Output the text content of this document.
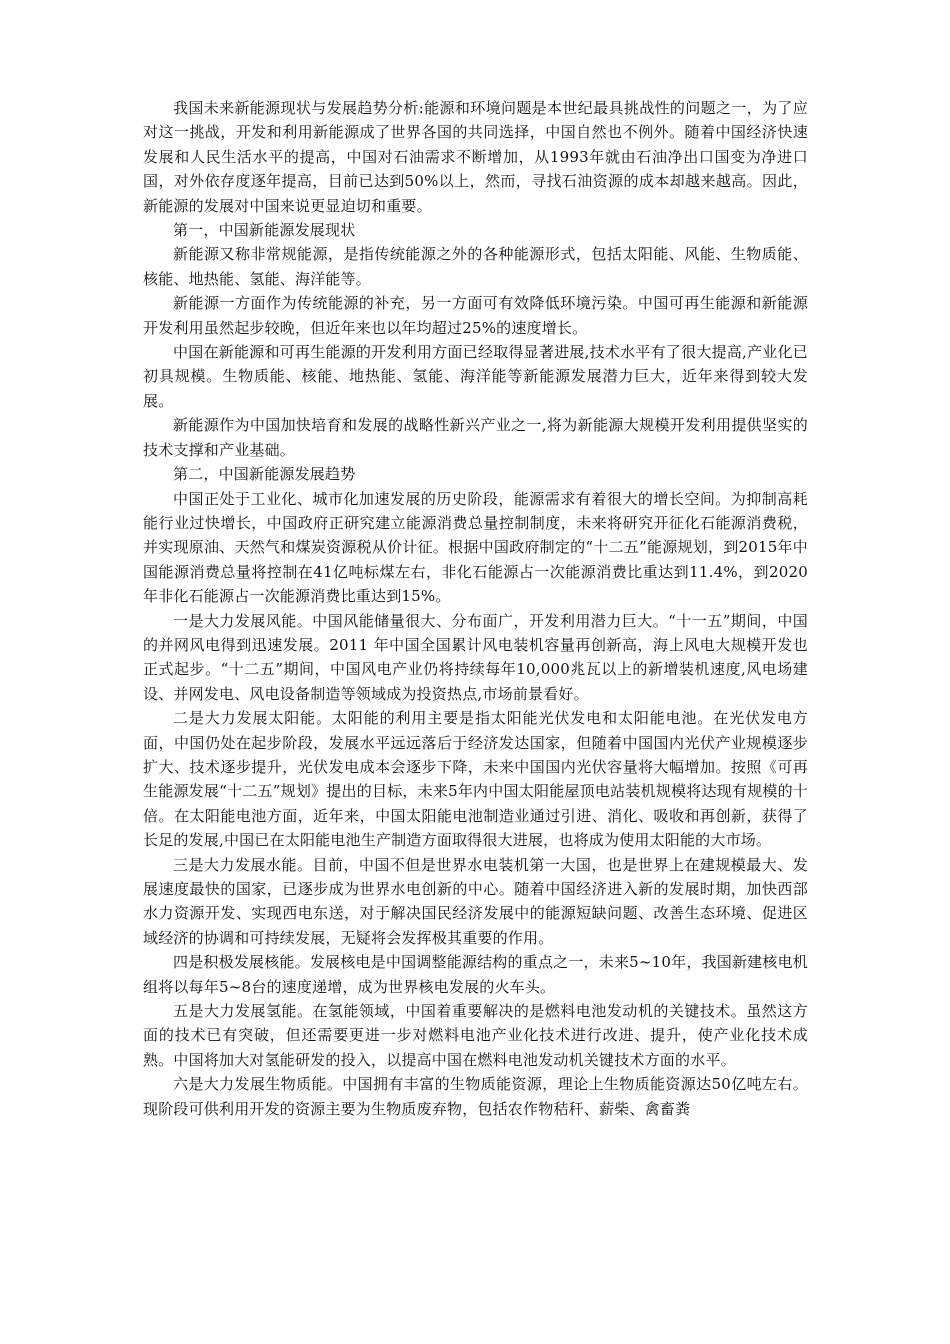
我国未来新能源现状与发展趋势分析:能源和环境问题是本世纪最具挑战性的问题之一，为了应对这一挑战，开发和利用新能源成了世界各国的共同选择，中国自然也不例外。随着中国经济快速发展和人民生活水平的提高，中国对石油需求不断增加，从1993年就由石油净出口国变为净进口国，对外依存度逐年提高，目前已达到50%以上，然而，寻找石油资源的成本却越来越高。因此，新能源的发展对中国来说更显迫切和重要。

第一，中国新能源发展现状

新能源又称非常规能源，是指传统能源之外的各种能源形式，包括太阳能、风能、生物质能、核能、地热能、氢能、海洋能等。

新能源一方面作为传统能源的补充，另一方面可有效降低环境污染。中国可再生能源和新能源开发利用虽然起步较晚，但近年来也以年均超过25%的速度增长。

中国在新能源和可再生能源的开发利用方面已经取得显著进展,技术水平有了很大提高,产业化已初具规模。生物质能、核能、地热能、氢能、海洋能等新能源发展潜力巨大，近年来得到较大发展。

新能源作为中国加快培育和发展的战略性新兴产业之一,将为新能源大规模开发利用提供坚实的技术支撑和产业基础。

第二，中国新能源发展趋势

中国正处于工业化、城市化加速发展的历史阶段，能源需求有着很大的增长空间。为抑制高耗能行业过快增长，中国政府正研究建立能源消费总量控制制度，未来将研究开征化石能源消费税，并实现原油、天然气和煤炭资源税从价计征。根据中国政府制定的“十二五”能源规划，到2015年中国能源消费总量将控制在41亿吨标煤左右，非化石能源占一次能源消费比重达到11.4%，到2020年非化石能源占一次能源消费比重达到15%。

一是大力发展风能。中国风能储量很大、分布面广，开发利用潜力巨大。“十一五”期间，中国的并网风电得到迅速发展。2011 年中国全国累计风电装机容量再创新高，海上风电大规模开发也正式起步。“十二五”期间，中国风电产业仍将持续每年10,000兆瓦以上的新增装机速度,风电场建设、并网发电、风电设备制造等领域成为投资热点,市场前景看好。

二是大力发展太阳能。太阳能的利用主要是指太阳能光伏发电和太阳能电池。在光伏发电方面，中国仍处在起步阶段，发展水平远远落后于经济发达国家，但随着中国国内光伏产业规模逐步扩大、技术逐步提升，光伏发电成本会逐步下降，未来中国国内光伏容量将大幅增加。按照《可再生能源发展“十二五”规划》提出的目标，未来5年内中国太阳能屋顶电站装机规模将达现有规模的十倍。在太阳能电池方面，近年来，中国太阳能电池制造业通过引进、消化、吸收和再创新，获得了长足的发展,中国已在太阳能电池生产制造方面取得很大进展，也将成为使用太阳能的大市场。

三是大力发展水能。目前，中国不但是世界水电装机第一大国，也是世界上在建规模最大、发展速度最快的国家，已逐步成为世界水电创新的中心。随着中国经济进入新的发展时期，加快西部水力资源开发、实现西电东送，对于解决国民经济发展中的能源短缺问题、改善生态环境、促进区域经济的协调和可持续发展，无疑将会发挥极其重要的作用。

四是积极发展核能。发展核电是中国调整能源结构的重点之一，未来5~10年，我国新建核电机组将以每年5~8台的速度递增，成为世界核电发展的火车头。

五是大力发展氢能。在氢能领域，中国着重要解决的是燃料电池发动机的关键技术。虽然这方面的技术已有突破，但还需要更进一步对燃料电池产业化技术进行改进、提升，使产业化技术成熟。中国将加大对氢能研发的投入，以提高中国在燃料电池发动机关键技术方面的水平。

六是大力发展生物质能。中国拥有丰富的生物质能资源，理论上生物质能资源达50亿吨左右。现阶段可供利用开发的资源主要为生物质废弃物，包括农作物秸秆、薪柴、禽畜粪
